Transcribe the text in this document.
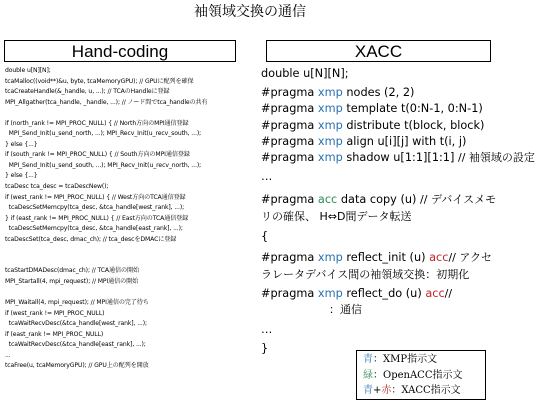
袖領域交換の通信
Hand-coding	XACC
double u[N][N];
tcaMalloc((void**)&u, byte, tcaMemoryGPU); // GPUに配列を確保
tcaCreateHandle(&_handle, u, ...); // TCAのHandleに登録
MPI_Allgather(tca_handle, _handle, ...); // ノード間でtca_handleの共有
if (north_rank != MPI_PROC_NULL) { // North方向のMPI通信登録
MPI_Send_Init(u_send_north, ...); MPI_Recv_Init(u_recv_south, ...);
} else {...}
if (south_rank != MPI_PROC_NULL) { // South方向のMPI通信登録
MPI_Send_Init(u_send_south, ...); MPI_Recv_Init(u_recv_north, ...);
} else {...}
tcaDesc tca_desc = tcaDescNew();
if (west_rank != MPI_PROC_NULL) { // West方向のTCA通信登録
tcaDescSetMemcpy(tca_desc, &tca_handle[west_rank], ...);
} if (east_rank != MPI_PROC_NULL) { // East方向のTCA通信登録
tcaDescSetMemcpy(tca_desc, &tca_handle[east_rank], ...);
tcaDescSet(tca_desc, dmac_ch); // tca_descをDMACに登録
tcaStartDMADesc(dmac_ch); // TCA通信の開始
MPI_Startall(4, mpi_request); // MPI通信の開始
MPI_Waitall(4, mpi_request); // MPI通信の完了待ち
if (west_rank != MPI_PROC_NULL)
tcaWaitRecvDesc(&tca_handle[west_rank], ...);
if (east_rank != MPI_PROC_NULL)
tcaWaitRecvDesc(&tca_handle[east_rank], ...);
...
tcaFree(u, tcaMemoryGPU); // GPU上の配列を開放
double u[N][N];
#pragma xmp nodes (2, 2)
#pragma xmp template t(0:N-1, 0:N-1)
#pragma xmp distribute t(block, block)
#pragma xmp align u[i][j] with t(i, j)
#pragma xmp shadow u[1:1][1:1] // 袖領域の設定
…
#pragma acc data copy (u) // デバイスメモリの確保、 H⇔D間データ転送
{
#pragma xmp reflect_init (u) acc// アクセラレータデバイス間の袖領域交換：初期化
#pragma xmp reflect_do (u) acc//
：通信
…
}
青：XMP指示文
緑：OpenACC指示文
青+赤：XACC指示文
